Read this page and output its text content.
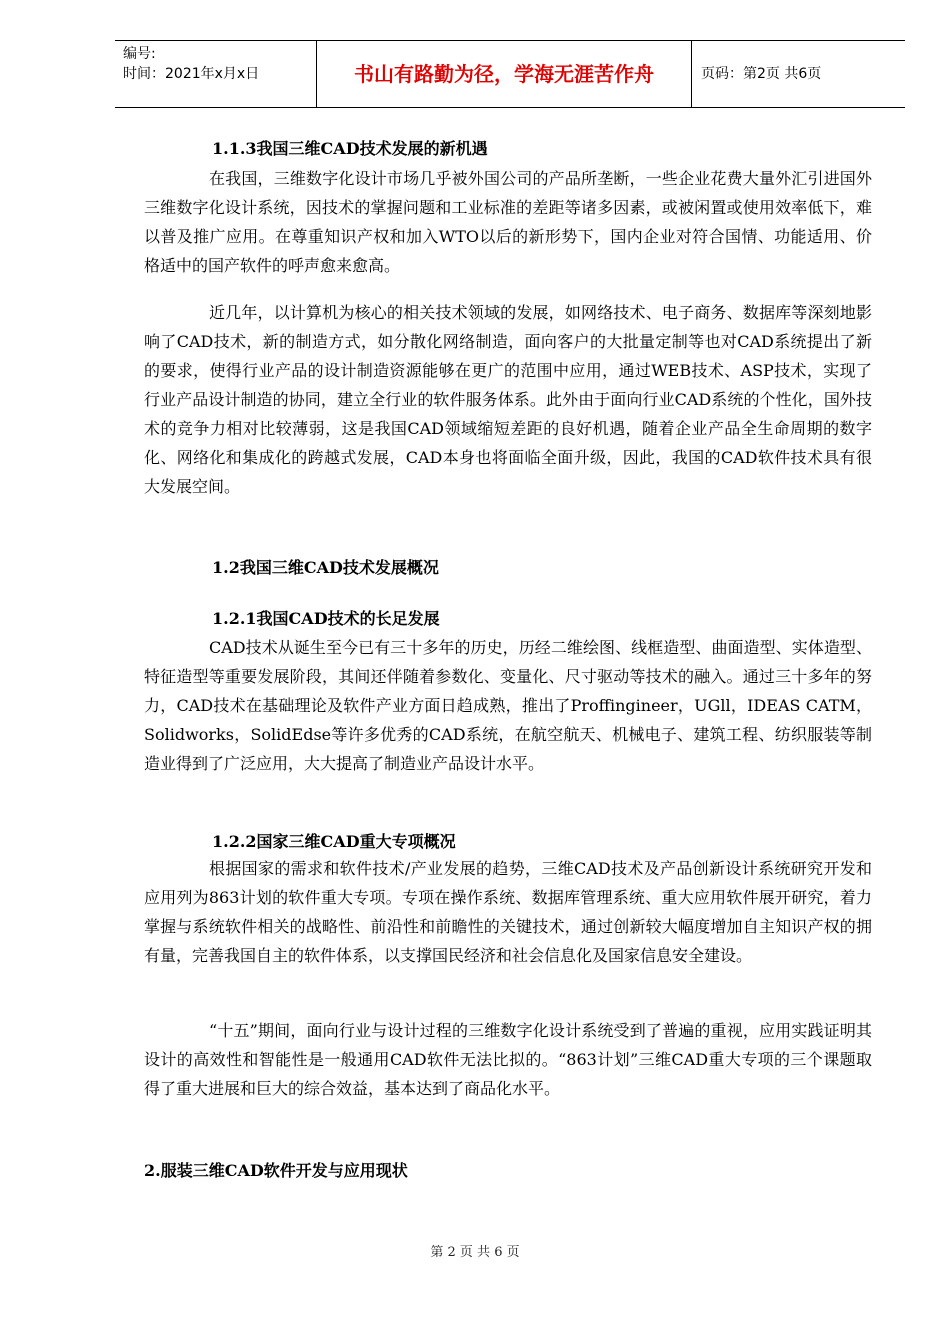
编号:
时间：2021年x月x日	书山有路勤为径，学海无涯苦作舟	页码：第2页 共6页
1.1.3我国三维CAD技术发展的新机遇

在我国，三维数字化设计市场几乎被外国公司的产品所垄断，一些企业花费大量外汇引进国外三维数字化设计系统，因技术的掌握问题和工业标准的差距等诸多因素，或被闲置或使用效率低下，难以普及推广应用。在尊重知识产权和加入WTO以后的新形势下，国内企业对符合国情、功能适用、价格适中的国产软件的呼声愈来愈高。

近几年，以计算机为核心的相关技术领域的发展，如网络技术、电子商务、数据库等深刻地影响了CAD技术，新的制造方式，如分散化网络制造，面向客户的大批量定制等也对CAD系统提出了新的要求，使得行业产品的设计制造资源能够在更广的范围中应用，通过WEB技术、ASP技术，实现了行业产品设计制造的协同，建立全行业的软件服务体系。此外由于面向行业CAD系统的个性化，国外技术的竞争力相对比较薄弱，这是我国CAD领域缩短差距的良好机遇，随着企业产品全生命周期的数字化、网络化和集成化的跨越式发展，CAD本身也将面临全面升级，因此，我国的CAD软件技术具有很大发展空间。

1.2我国三维CAD技术发展概况
1.2.1我国CAD技术的长足发展

CAD技术从诞生至今已有三十多年的历史，历经二维绘图、线框造型、曲面造型、实体造型、特征造型等重要发展阶段，其间还伴随着参数化、变量化、尺寸驱动等技术的融入。通过三十多年的努力，CAD技术在基础理论及软件产业方面日趋成熟，推出了Proffingineer，UGll，IDEAS CATM，Solidworks，SolidEdse等许多优秀的CAD系统，在航空航天、机械电子、建筑工程、纺织服装等制造业得到了广泛应用，大大提高了制造业产品设计水平。

1.2.2国家三维CAD重大专项概况

根据国家的需求和软件技术/产业发展的趋势，三维CAD技术及产品创新设计系统研究开发和应用列为863计划的软件重大专项。专项在操作系统、数据库管理系统、重大应用软件展开研究，着力掌握与系统软件相关的战略性、前沿性和前瞻性的关键技术，通过创新较大幅度增加自主知识产权的拥有量，完善我国自主的软件体系，以支撑国民经济和社会信息化及国家信息安全建设。

“十五”期间，面向行业与设计过程的三维数字化设计系统受到了普遍的重视，应用实践证明其设计的高效性和智能性是一般通用CAD软件无法比拟的。“863计划”三维CAD重大专项的三个课题取得了重大进展和巨大的综合效益，基本达到了商品化水平。

2.服装三维CAD软件开发与应用现状
第 2 页 共 6 页
